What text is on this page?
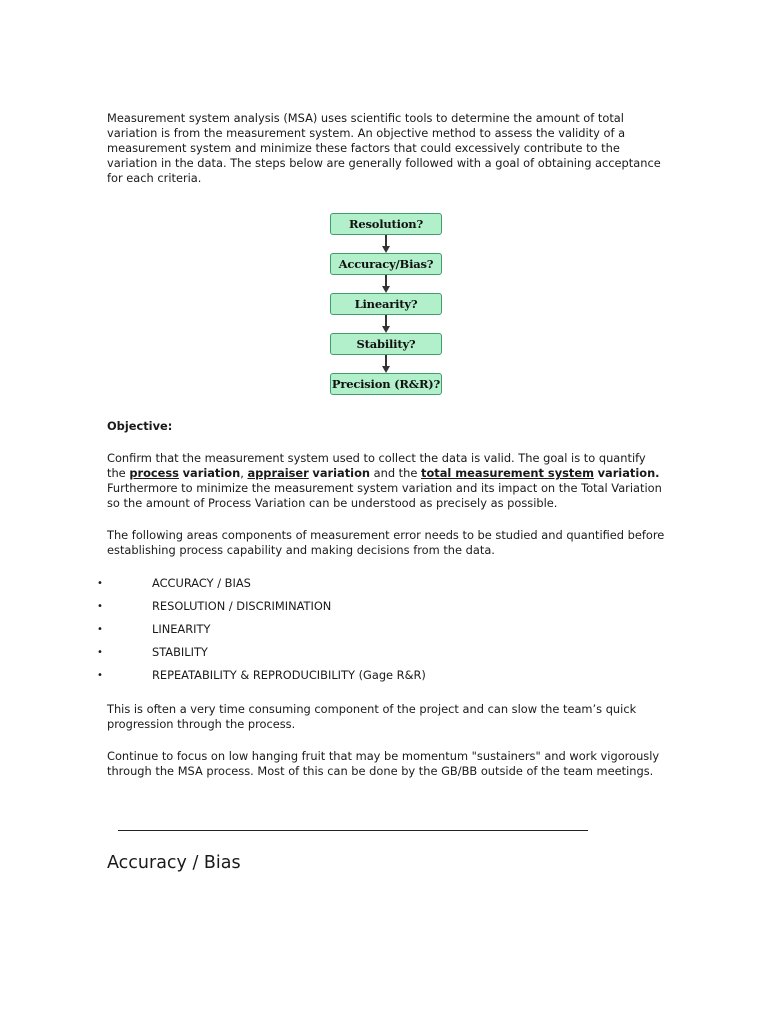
Measurement system analysis (MSA) uses scientific tools to determine the amount of total variation is from the measurement system. An objective method to assess the validity of a measurement system and minimize these factors that could excessively contribute to the variation in the data. The steps below are generally followed with a goal of obtaining acceptance for each criteria.

Resolution?
Accuracy/Bias?
Linearity?
Stability?
Precision (R&R)?

Objective:

Confirm that the measurement system used to collect the data is valid. The goal is to quantify the process variation, appraiser variation and the total measurement system variation. Furthermore to minimize the measurement system variation and its impact on the Total Variation so the amount of Process Variation can be understood as precisely as possible.

The following areas components of measurement error needs to be studied and quantified before establishing process capability and making decisions from the data.

•	ACCURACY / BIAS
•	RESOLUTION / DISCRIMINATION
•	LINEARITY
•	STABILITY
•	REPEATABILITY & REPRODUCIBILITY (Gage R&R)

This is often a very time consuming component of the project and can slow the team’s quick progression through the process.

Continue to focus on low hanging fruit that may be momentum "sustainers" and work vigorously through the MSA process. Most of this can be done by the GB/BB outside of the team meetings.

Accuracy / Bias
